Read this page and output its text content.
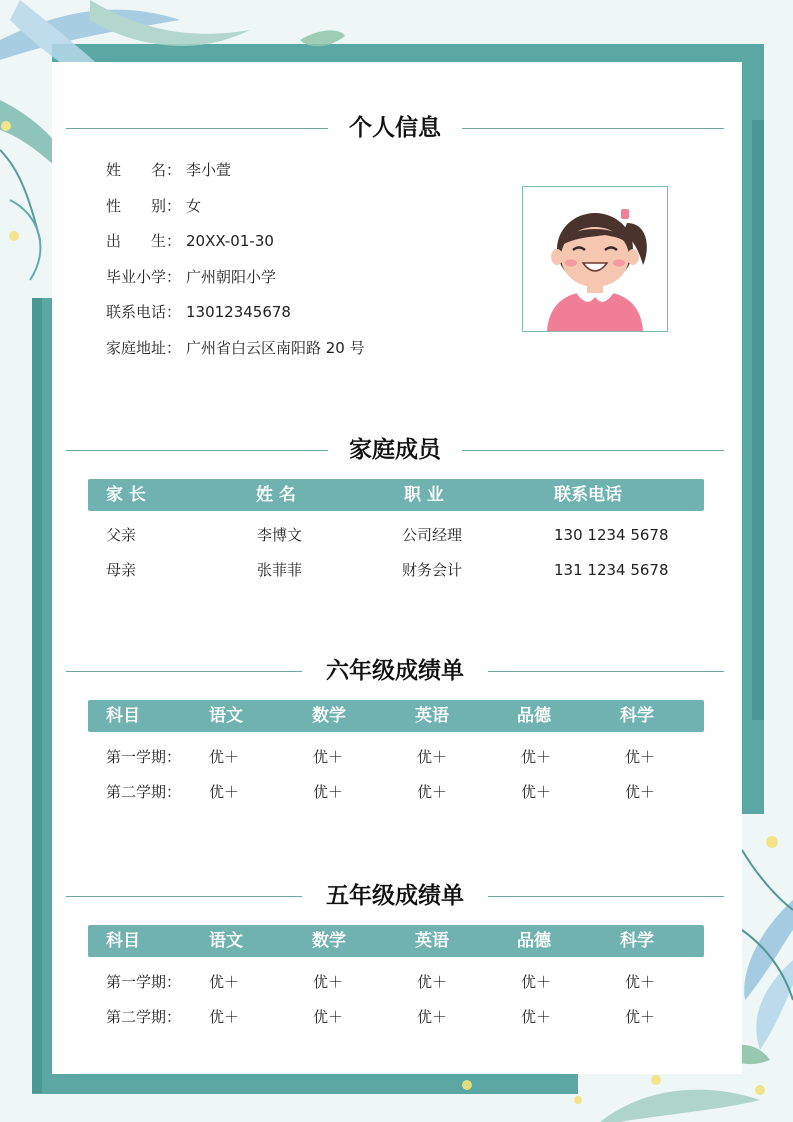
个人信息
姓　　名： 李小萱
性　　别： 女
出　　生： 20XX-01-30
毕业小学： 广州朝阳小学
联系电话： 13012345678
家庭地址： 广州省白云区南阳路 20 号
家庭成员
家 长	姓 名	职 业	联系电话
父亲	李博文	公司经理	130 1234 5678
母亲	张菲菲	财务会计	131 1234 5678
六年级成绩单
科目	语文	数学	英语	品德	科学
第一学期： 优＋	优＋	优＋	优＋	优＋
第二学期： 优＋	优＋	优＋	优＋	优＋
五年级成绩单
科目	语文	数学	英语	品德	科学
第一学期： 优＋	优＋	优＋	优＋	优＋
第二学期： 优＋	优＋	优＋	优＋	优＋
